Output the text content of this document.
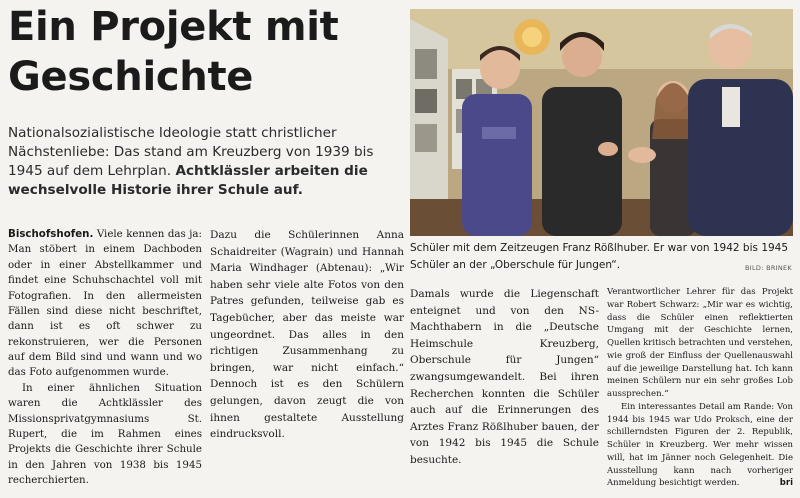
Ein Projekt mit
Geschichte
Nationalsozialistische Ideologie statt christlicher Nächstenliebe: Das stand am Kreuzberg von 1939 bis 1945 auf dem Lehrplan. Achtklässler arbeiten die wechselvolle Historie ihrer Schule auf.
Schüler mit dem Zeitzeugen Franz Rößlhuber. Er war von 1942 bis 1945 Schüler an der „Oberschule für Jungen“.	BILD: BRINEK

Bischofshofen. Viele kennen das ja: Man stöbert in einem Dachboden oder in einer Abstellkammer und findet eine Schuhschachtel voll mit Fotografien. In den allermeisten Fällen sind diese nicht beschriftet, dann ist es oft schwer zu rekonstruieren, wer die Personen auf dem Bild sind und wann und wo das Foto aufgenommen wurde.

In einer ähnlichen Situation waren die Achtklässler des Missionsprivatgymnasiums St. Rupert, die im Rahmen eines Projekts die Geschichte ihrer Schule in den Jahren von 1938 bis 1945 recherchierten.

Dazu die Schülerinnen Anna Schaidreiter (Wagrain) und Hannah Maria Windhager (Abtenau): „Wir haben sehr viele alte Fotos von den Patres gefunden, teilweise gab es Tagebücher, aber das meiste war ungeordnet. Das alles in den richtigen Zusammenhang zu bringen, war nicht einfach.“ Dennoch ist es den Schülern gelungen, davon zeugt die von ihnen gestaltete Ausstellung eindrucksvoll.

Damals wurde die Liegenschaft enteignet und von den NS-Machthabern in die „Deutsche Heimschule Kreuzberg, Oberschule für Jungen“ zwangsumgewandelt. Bei ihren Recherchen konnten die Schüler auch auf die Erinnerungen des Arztes Franz Rößlhuber bauen, der von 1942 bis 1945 die Schule besuchte.

Verantwortlicher Lehrer für das Projekt war Robert Schwarz: „Mir war es wichtig, dass die Schüler einen reflektierten Umgang mit der Geschichte lernen, Quellen kritisch betrachten und verstehen, wie groß der Einfluss der Quellenauswahl auf die jeweilige Darstellung hat. Ich kann meinen Schülern nur ein sehr großes Lob aussprechen.“

Ein interessantes Detail am Rande: Von 1944 bis 1945 war Udo Proksch, eine der schillerndsten Figuren der 2. Republik, Schüler in Kreuzberg. Wer mehr wissen will, hat im Jänner noch Gelegenheit. Die Ausstellung kann nach vorheriger Anmeldung besichtigt werden.	bri
